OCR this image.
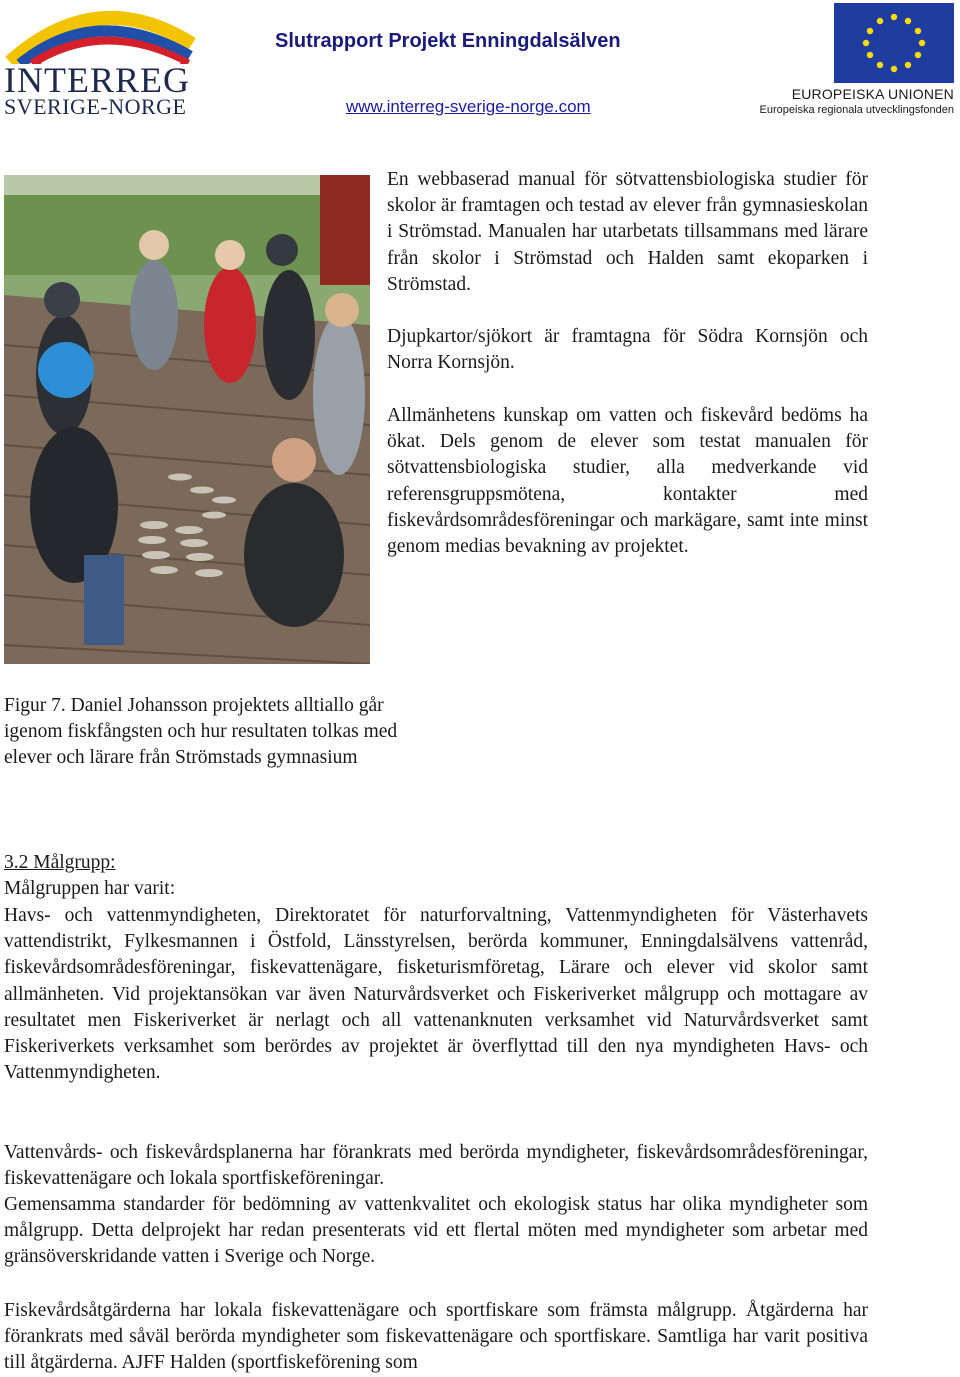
INTERREG
SVERIGE-NORGE
Slutrapport Projekt Enningdalsälven
www.interreg-sverige-norge.com
EUROPEISKA UNIONEN
Europeiska regionala utvecklingsfonden

En webbaserad manual för sötvattensbiologiska studier för skolor är framtagen och testad av elever från gymnasieskolan i Strömstad. Manualen har utarbetats tillsammans med lärare från skolor i Strömstad och Halden samt ekoparken i Strömstad.

Djupkartor/sjökort är framtagna för Södra Kornsjön och Norra Kornsjön.

Allmänhetens kunskap om vatten och fiskevård bedöms ha ökat. Dels genom de elever som testat manualen för sötvattensbiologiska studier, alla medverkande vid referensgruppsmötena, kontakter med fiskevårdsområdesföreningar och markägare, samt inte minst genom medias bevakning av projektet.

Figur 7. Daniel Johansson projektets alltiallo går igenom fiskfångsten och hur resultaten tolkas med elever och lärare från Strömstads gymnasium

3.2 Målgrupp:
Målgruppen har varit:

Havs- och vattenmyndigheten, Direktoratet för naturforvaltning, Vattenmyndigheten för Västerhavets vattendistrikt, Fylkesmannen i Östfold, Länsstyrelsen, berörda kommuner, Enningdalsälvens vattenråd, fiskevårdsområdesföreningar, fiskevattenägare, fisketurismföretag, Lärare och elever vid skolor samt allmänheten. Vid projektansökan var även Naturvårdsverket och Fiskeriverket målgrupp och mottagare av resultatet men Fiskeriverket är nerlagt och all vattenanknuten verksamhet vid Naturvårdsverket samt Fiskeriverkets verksamhet som berördes av projektet är överflyttad till den nya myndigheten Havs- och Vattenmyndigheten.

Vattenvårds- och fiskevårdsplanerna har förankrats med berörda myndigheter, fiskevårdsområdesföreningar, fiskevattenägare och lokala sportfiskeföreningar.

Gemensamma standarder för bedömning av vattenkvalitet och ekologisk status har olika myndigheter som målgrupp. Detta delprojekt har redan presenterats vid ett flertal möten med myndigheter som arbetar med gränsöverskridande vatten i Sverige och Norge.

Fiskevårdsåtgärderna har lokala fiskevattenägare och sportfiskare som främsta målgrupp. Åtgärderna har förankrats med såväl berörda myndigheter som fiskevattenägare och sportfiskare. Samtliga har varit positiva till åtgärderna. AJFF Halden (sportfiskeförening som
